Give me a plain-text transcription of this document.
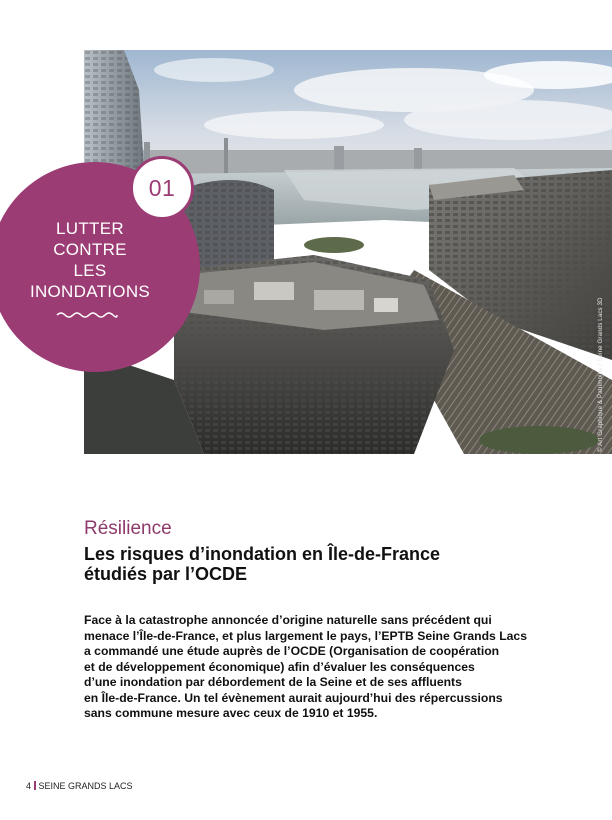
© Art Graphique & Patrimoine / Seine Grands Lacs 3D
LUTTER
CONTRE
LES
INONDATIONS
01
Résilience
Les risques d’inondation en Île-de-France
étudiés par l’OCDE
Face à la catastrophe annoncée d’origine naturelle sans précédent qui
menace l’Île-de-France, et plus largement le pays, l’EPTB Seine Grands Lacs
a commandé une étude auprès de l’OCDE (Organisation de coopération
et de développement économique) afin d’évaluer les conséquences
d’une inondation par débordement de la Seine et de ses affluents
en Île-de-France. Un tel évènement aurait aujourd’hui des répercussions
sans commune mesure avec ceux de 1910 et 1955.
4 SEINE GRANDS LACS
